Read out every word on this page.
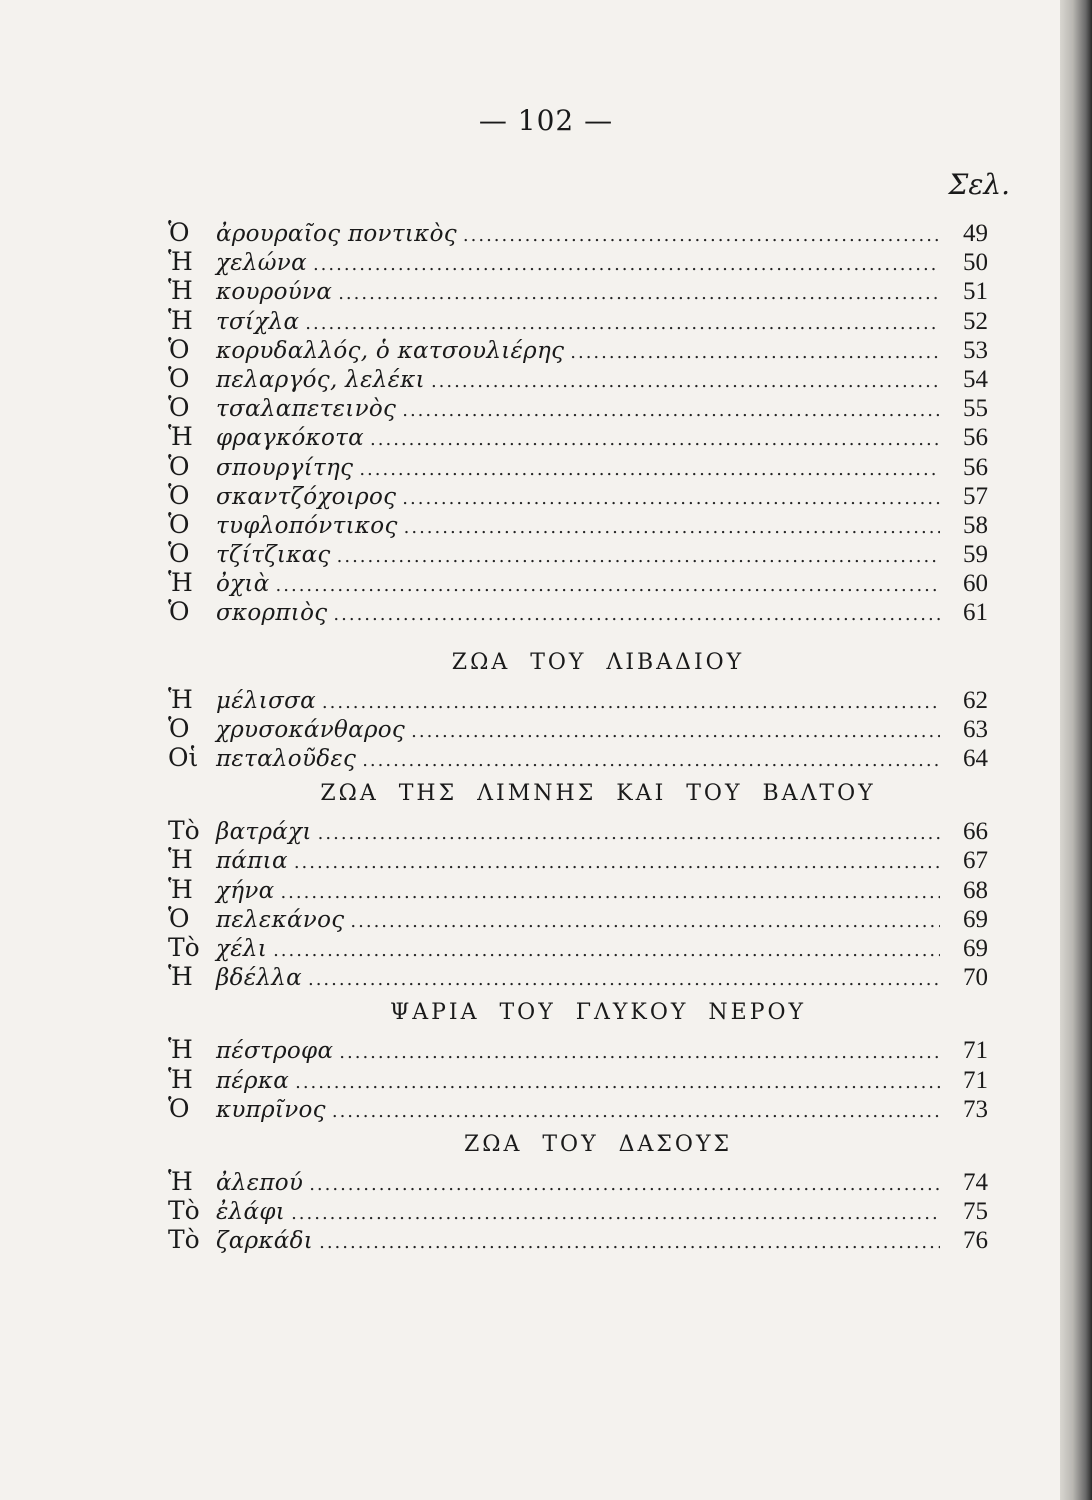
— 102 —
Σελ.
Ὁ	ἀρουραῖος ποντικὸς .....	49
Ἡ	χελώνα .....	50
Ἡ	κουρούνα .....	51
Ἡ	τσίχλα .....	52
Ὁ	κορυδαλλός, ὁ κατσουλιέρης .....	53
Ὁ	πελαργός, λελέκι .....	54
Ὁ	τσαλαπετεινὸς .....	55
Ἡ	φραγκόκοτα .....	56
Ὁ	σπουργίτης .....	56
Ὁ	σκαντζόχοιρος .....	57
Ὁ	τυφλοπόντικος .....	58
Ὁ	τζίτζικας .....	59
Ἡ	ὀχιὰ .....	60
Ὁ	σκορπιὸς .....	61
ΖΩΑ ΤΟΥ ΛΙΒΑΔΙΟΥ
Ἡ	μέλισσα .....	62
Ὁ	χρυσοκάνθαρος .....	63
Οἱ πεταλοῦδες .....	64
ΖΩΑ ΤΗΣ ΛΙΜΝΗΣ ΚΑΙ ΤΟΥ ΒΑΛΤΟΥ
Τὸ βατράχι .....	66
Ἡ	πάπια .....	67
Ἡ	χήνα .....	68
Ὁ	πελεκάνος .....	69
Τὸ χέλι .....	69
Ἡ	βδέλλα .....	70
ΨΑΡΙΑ ΤΟΥ ΓΛΥΚΟΥ ΝΕΡΟΥ
Ἡ	πέστροφα .....	71
Ἡ	πέρκα .....	71
Ὁ	κυπρῖνος .....	73
ΖΩΑ ΤΟΥ ΔΑΣΟΥΣ
Ἡ	ἀλεπού .....	74
Τὸ ἐλάφι .....	75
Τὸ ζαρκάδι .....	76
